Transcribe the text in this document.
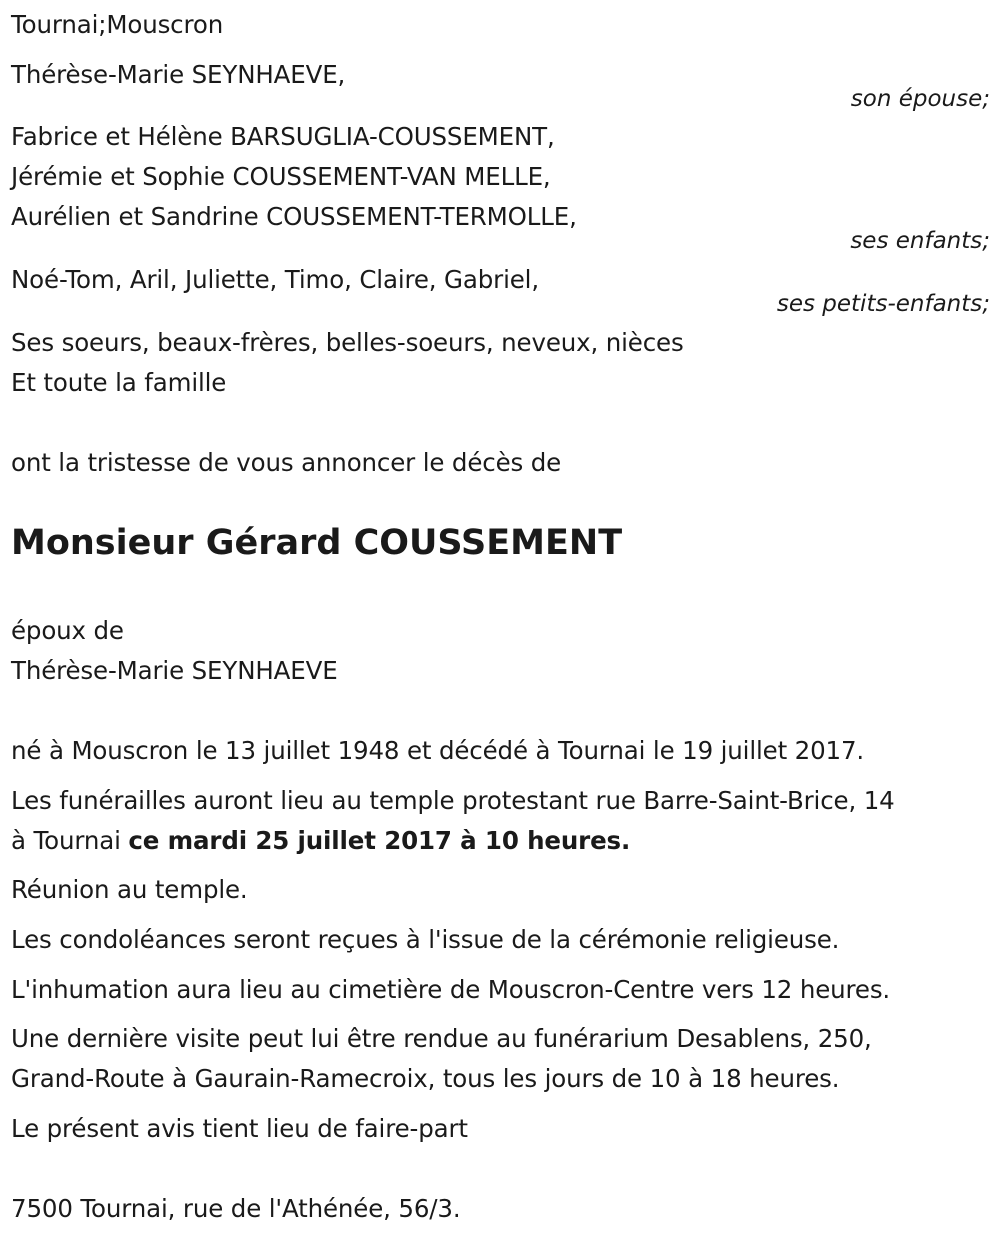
Tournai;Mouscron
Thérèse-Marie SEYNHAEVE,
son épouse;
Fabrice et Hélène BARSUGLIA-COUSSEMENT,
Jérémie et Sophie COUSSEMENT-VAN MELLE,
Aurélien et Sandrine COUSSEMENT-TERMOLLE,
ses enfants;
Noé-Tom, Aril, Juliette, Timo, Claire, Gabriel,
ses petits-enfants;
Ses soeurs, beaux-frères, belles-soeurs, neveux, nièces
Et toute la famille
ont la tristesse de vous annoncer le décès de
Monsieur Gérard COUSSEMENT
époux de
Thérèse-Marie SEYNHAEVE
né à Mouscron le 13 juillet 1948 et décédé à Tournai le 19 juillet 2017.
Les funérailles auront lieu au temple protestant rue Barre-Saint-Brice, 14
à Tournai ce mardi 25 juillet 2017 à 10 heures.
Réunion au temple.
Les condoléances seront reçues à l'issue de la cérémonie religieuse.
L'inhumation aura lieu au cimetière de Mouscron-Centre vers 12 heures.
Une dernière visite peut lui être rendue au funérarium Desablens, 250,
Grand-Route à Gaurain-Ramecroix, tous les jours de 10 à 18 heures.
Le présent avis tient lieu de faire-part
7500 Tournai, rue de l'Athénée, 56/3.
